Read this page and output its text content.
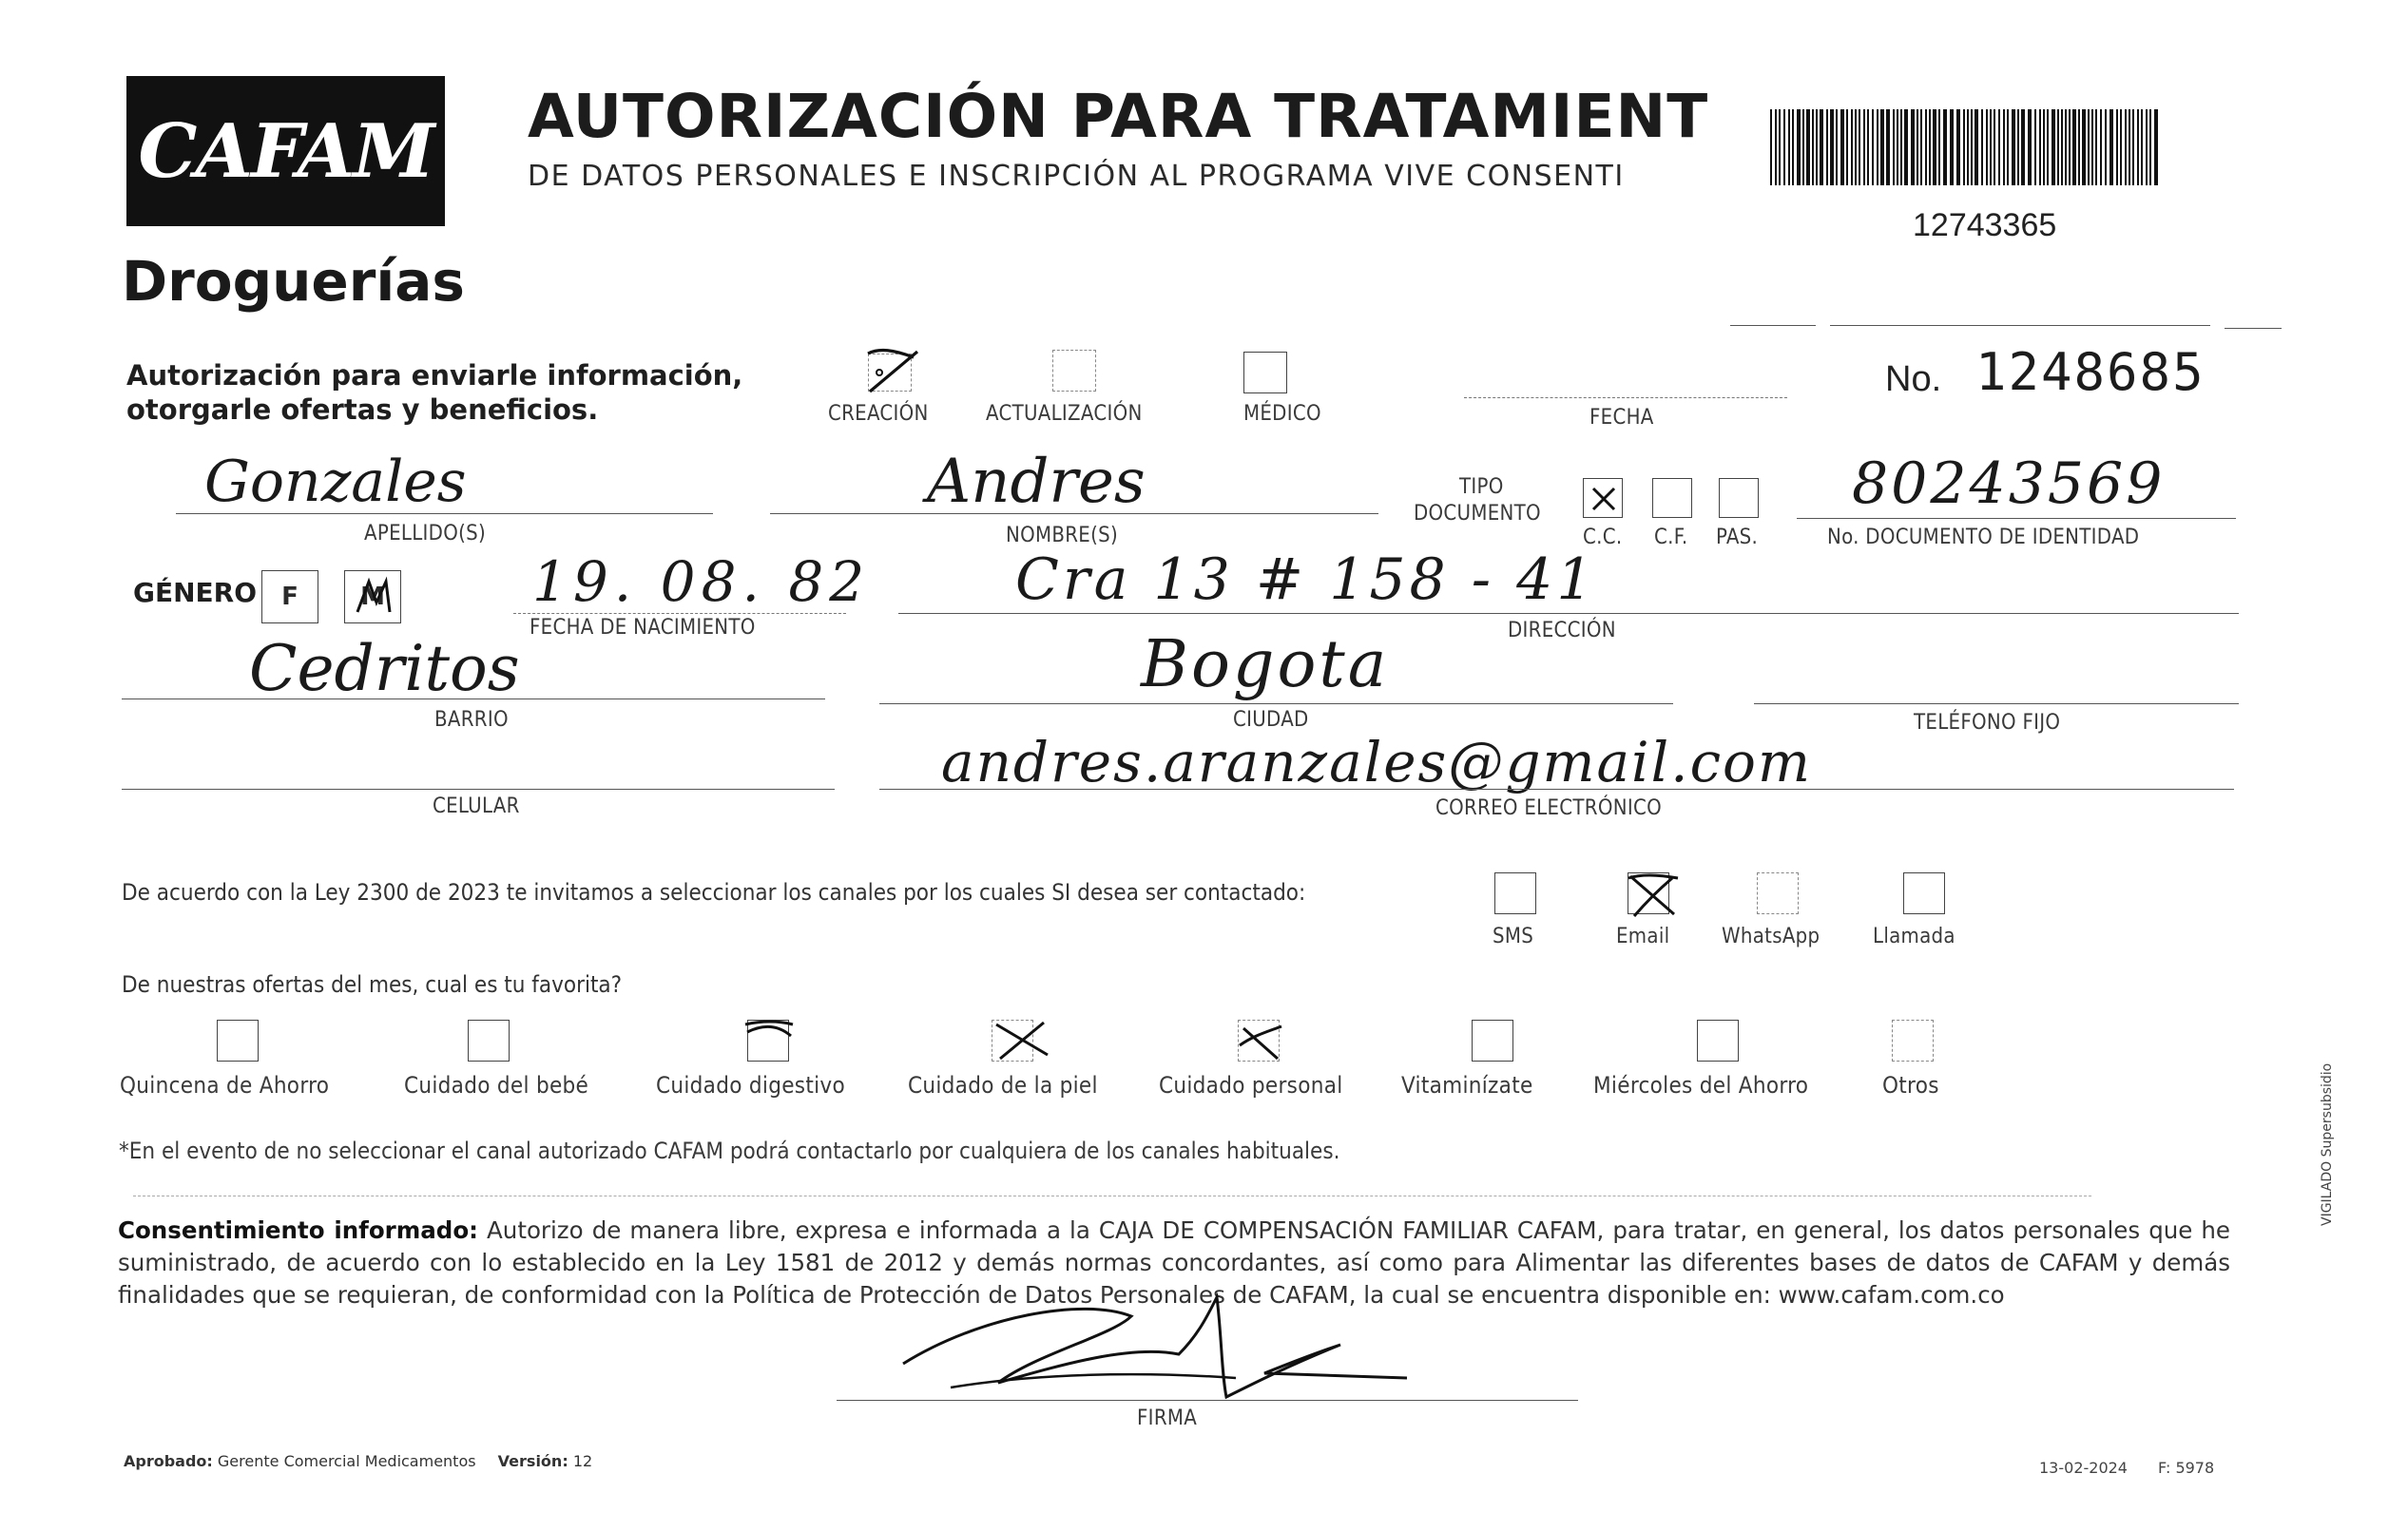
CAFAM
Droguerías
AUTORIZACIÓN PARA TRATAMIENT
DE DATOS PERSONALES E INSCRIPCIÓN AL PROGRAMA VIVE CONSENTI
12743365
Autorización para enviarle información,
otorgarle ofertas y beneficios.	CREACIÓN	ACTUALIZACIÓN	MÉDICO	FECHA
No. 1248685
Gonzales
APELLIDO(S)
Andres
NOMBRE(S)
TIPO
DOCUMENTO
C.C. C.F. PAS.
80243569
No. DOCUMENTO DE IDENTIDAD
GÉNERO F	M	19. 08. 82
FECHA DE NACIMIENTO
Cra 13 # 158 - 41
DIRECCIÓN
Cedritos
BARRIO
Bogota
CIUDAD	TELÉFONO FIJO
CELULAR
andres.aranzales@gmail.com
CORREO ELECTRÓNICO
De acuerdo con la Ley 2300 de 2023 te invitamos a seleccionar los canales por los cuales SI desea ser contactado:
SMS	Email WhatsApp	Llamada
De nuestras ofertas del mes, cual es tu favorita?
Quincena de Ahorro	Cuidado del bebé	Cuidado digestivo	Cuidado de la piel	Cuidado personal	Vitaminízate	Miércoles del Ahorro	Otros
*En el evento de no seleccionar el canal autorizado CAFAM podrá contactarlo por cualquiera de los canales habituales.
Consentimiento informado: Autorizo de manera libre, expresa e informada a la CAJA DE COMPENSACIÓN FAMILIAR CAFAM, para tratar, en general, los datos personales que he suministrado, de acuerdo con lo establecido en la Ley 1581 de 2012 y demás normas concordantes, así como para Alimentar las diferentes bases de datos de CAFAM y demás finalidades que se requieran, de conformidad con la Política de Protección de Datos Personales de CAFAM, la cual se encuentra disponible en: www.cafam.com.co
FIRMA
Aprobado: Gerente Comercial Medicamentos Versión: 12	13-02-2024 F: 5978
VIGILADO Supersubsidio
